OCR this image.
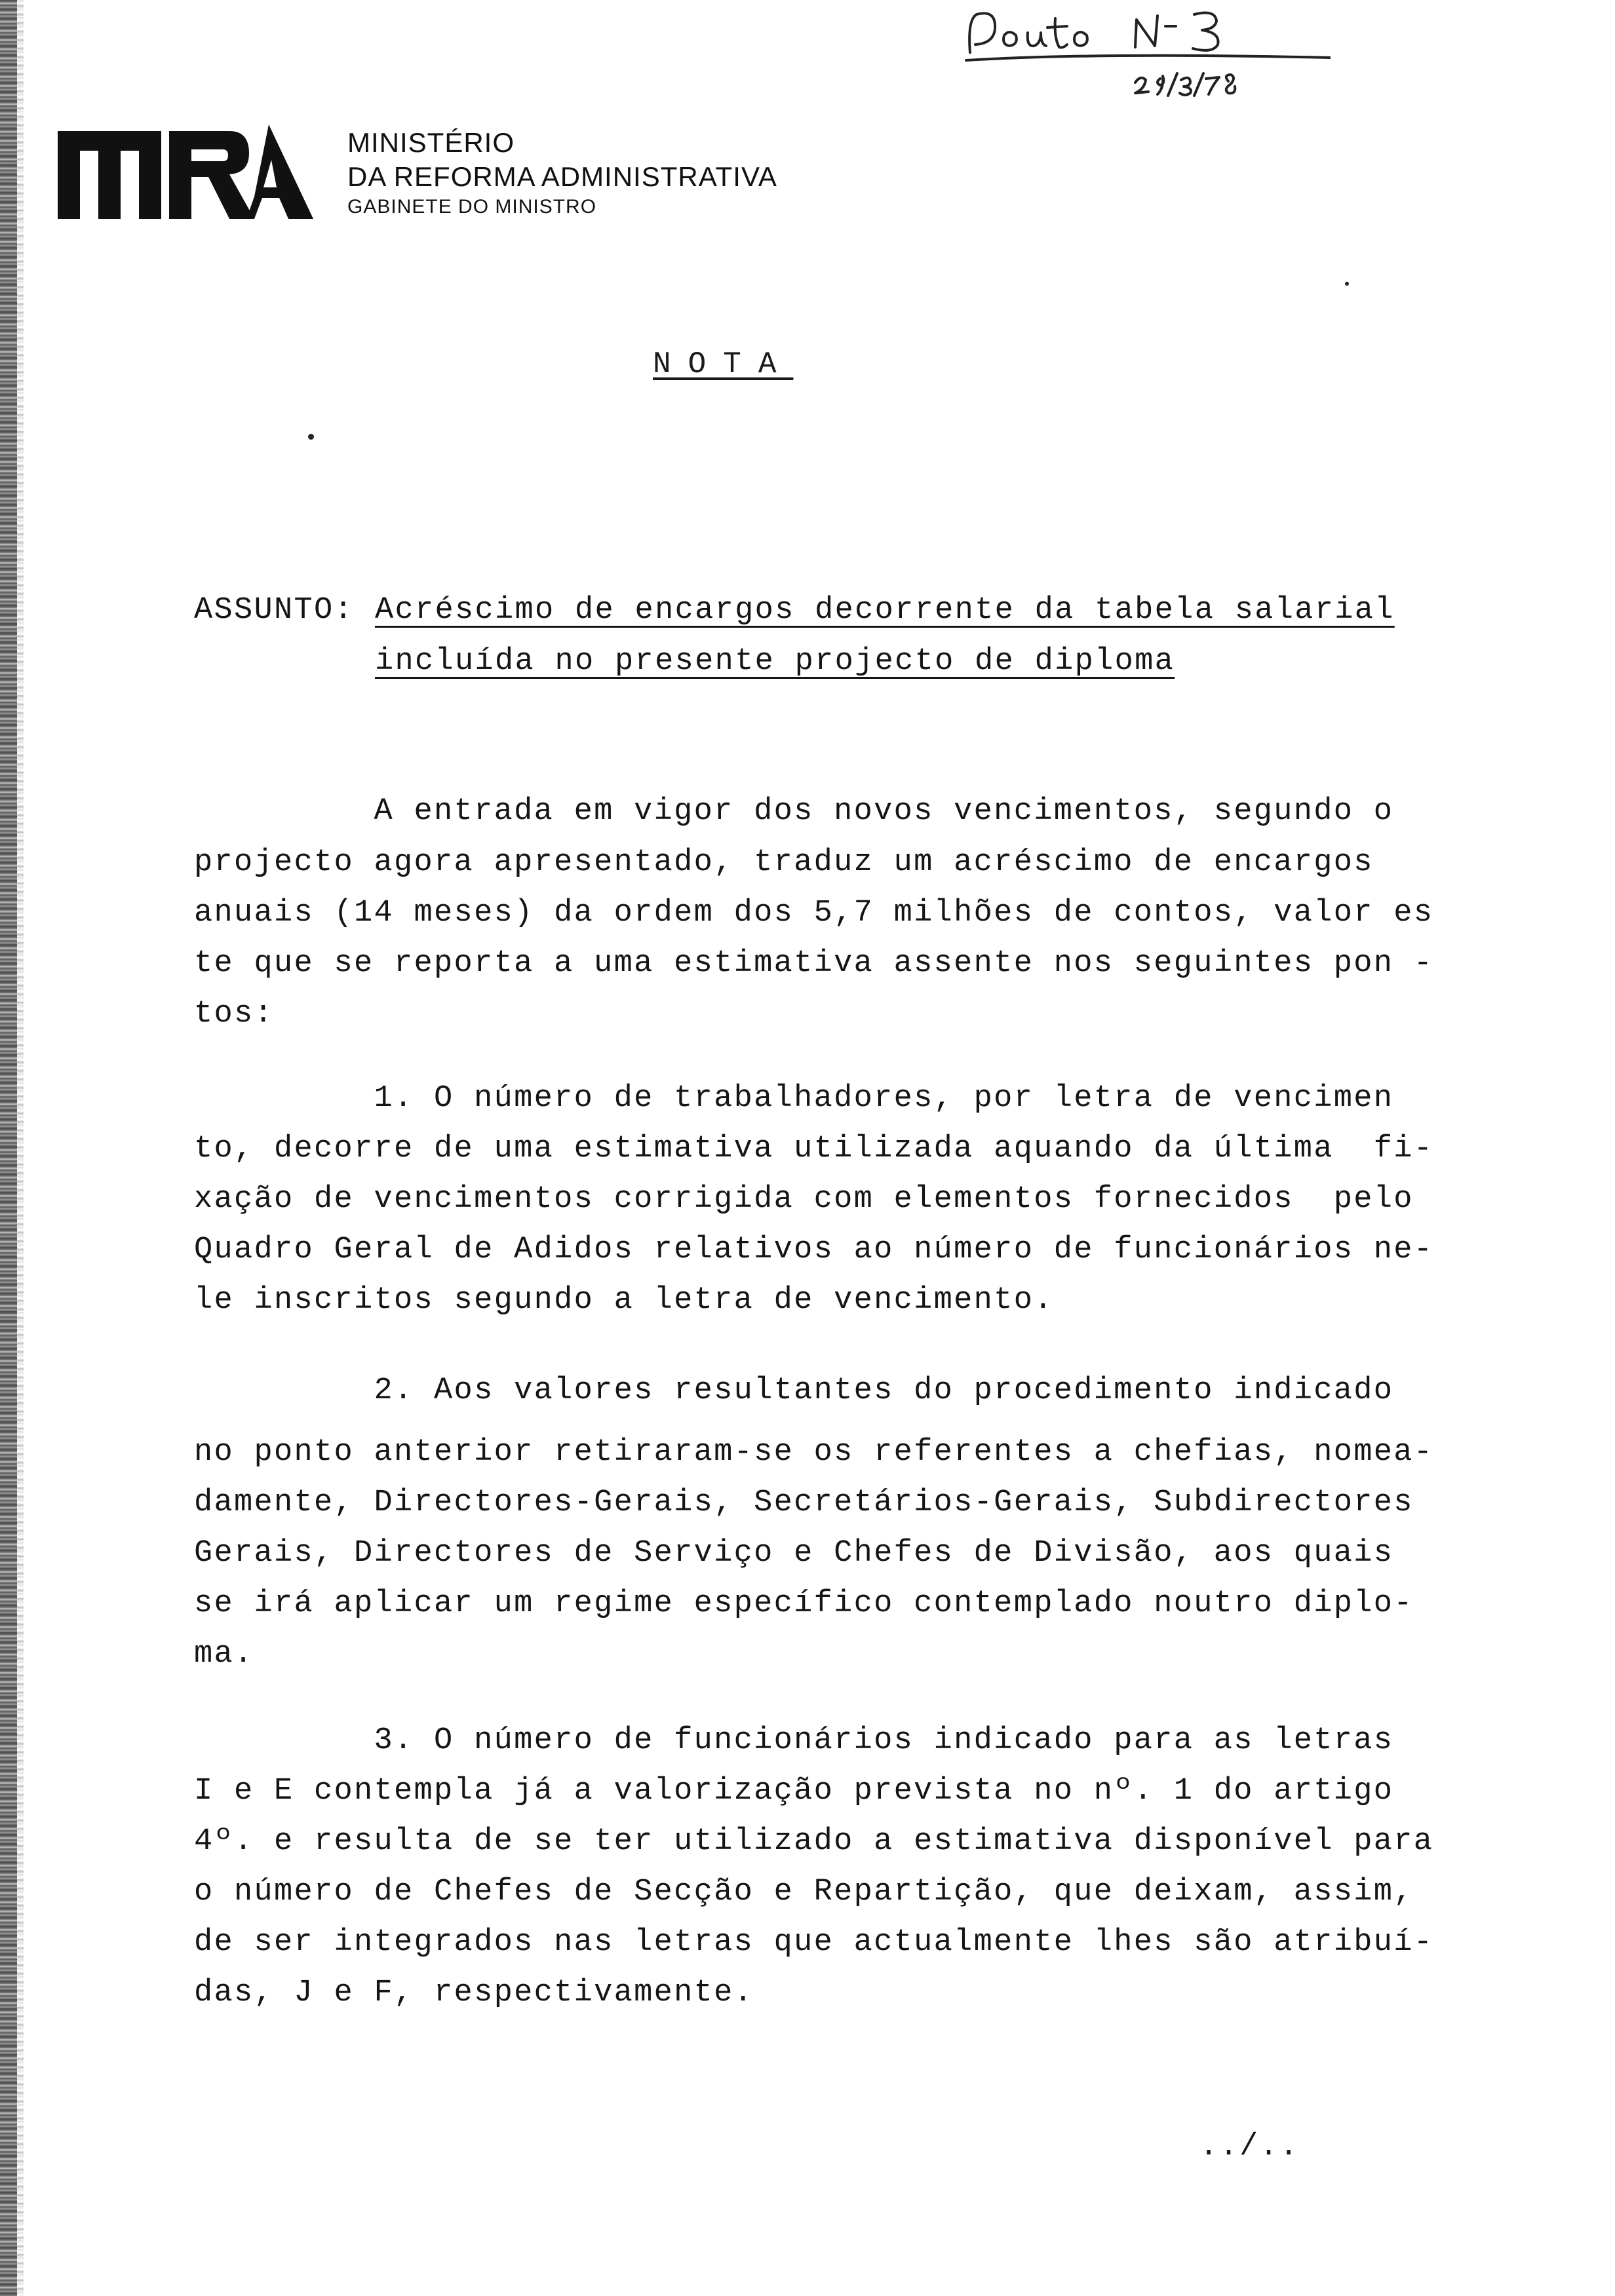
MINISTÉRIO
DA REFORMA ADMINISTRATIVA
GABINETE DO MINISTRO
NOTA
ASSUNTO: Acréscimo de encargos decorrente da tabela salarial
incluída no presente projecto de diploma
A entrada em vigor dos novos vencimentos, segundo o
projecto agora apresentado, traduz um acréscimo de encargos
anuais (14 meses) da ordem dos 5,7 milhões de contos, valor es
te que se reporta a uma estimativa assente nos seguintes pon -
tos:
1. O número de trabalhadores, por letra de vencimen
to, decorre de uma estimativa utilizada aquando da última  fi-
xação de vencimentos corrigida com elementos fornecidos  pelo
Quadro Geral de Adidos relativos ao número de funcionários ne-
le inscritos segundo a letra de vencimento.
2. Aos valores resultantes do procedimento indicado
no ponto anterior retiraram-se os referentes a chefias, nomea-
damente, Directores-Gerais, Secretários-Gerais, Subdirectores
Gerais, Directores de Serviço e Chefes de Divisão, aos quais
se irá aplicar um regime específico contemplado noutro diplo-
ma.
3. O número de funcionários indicado para as letras
I e E contempla já a valorização prevista no nº. 1 do artigo
4º. e resulta de se ter utilizado a estimativa disponível para
o número de Chefes de Secção e Repartição, que deixam, assim,
de ser integrados nas letras que actualmente lhes são atribuí-
das, J e F, respectivamente.
../..
